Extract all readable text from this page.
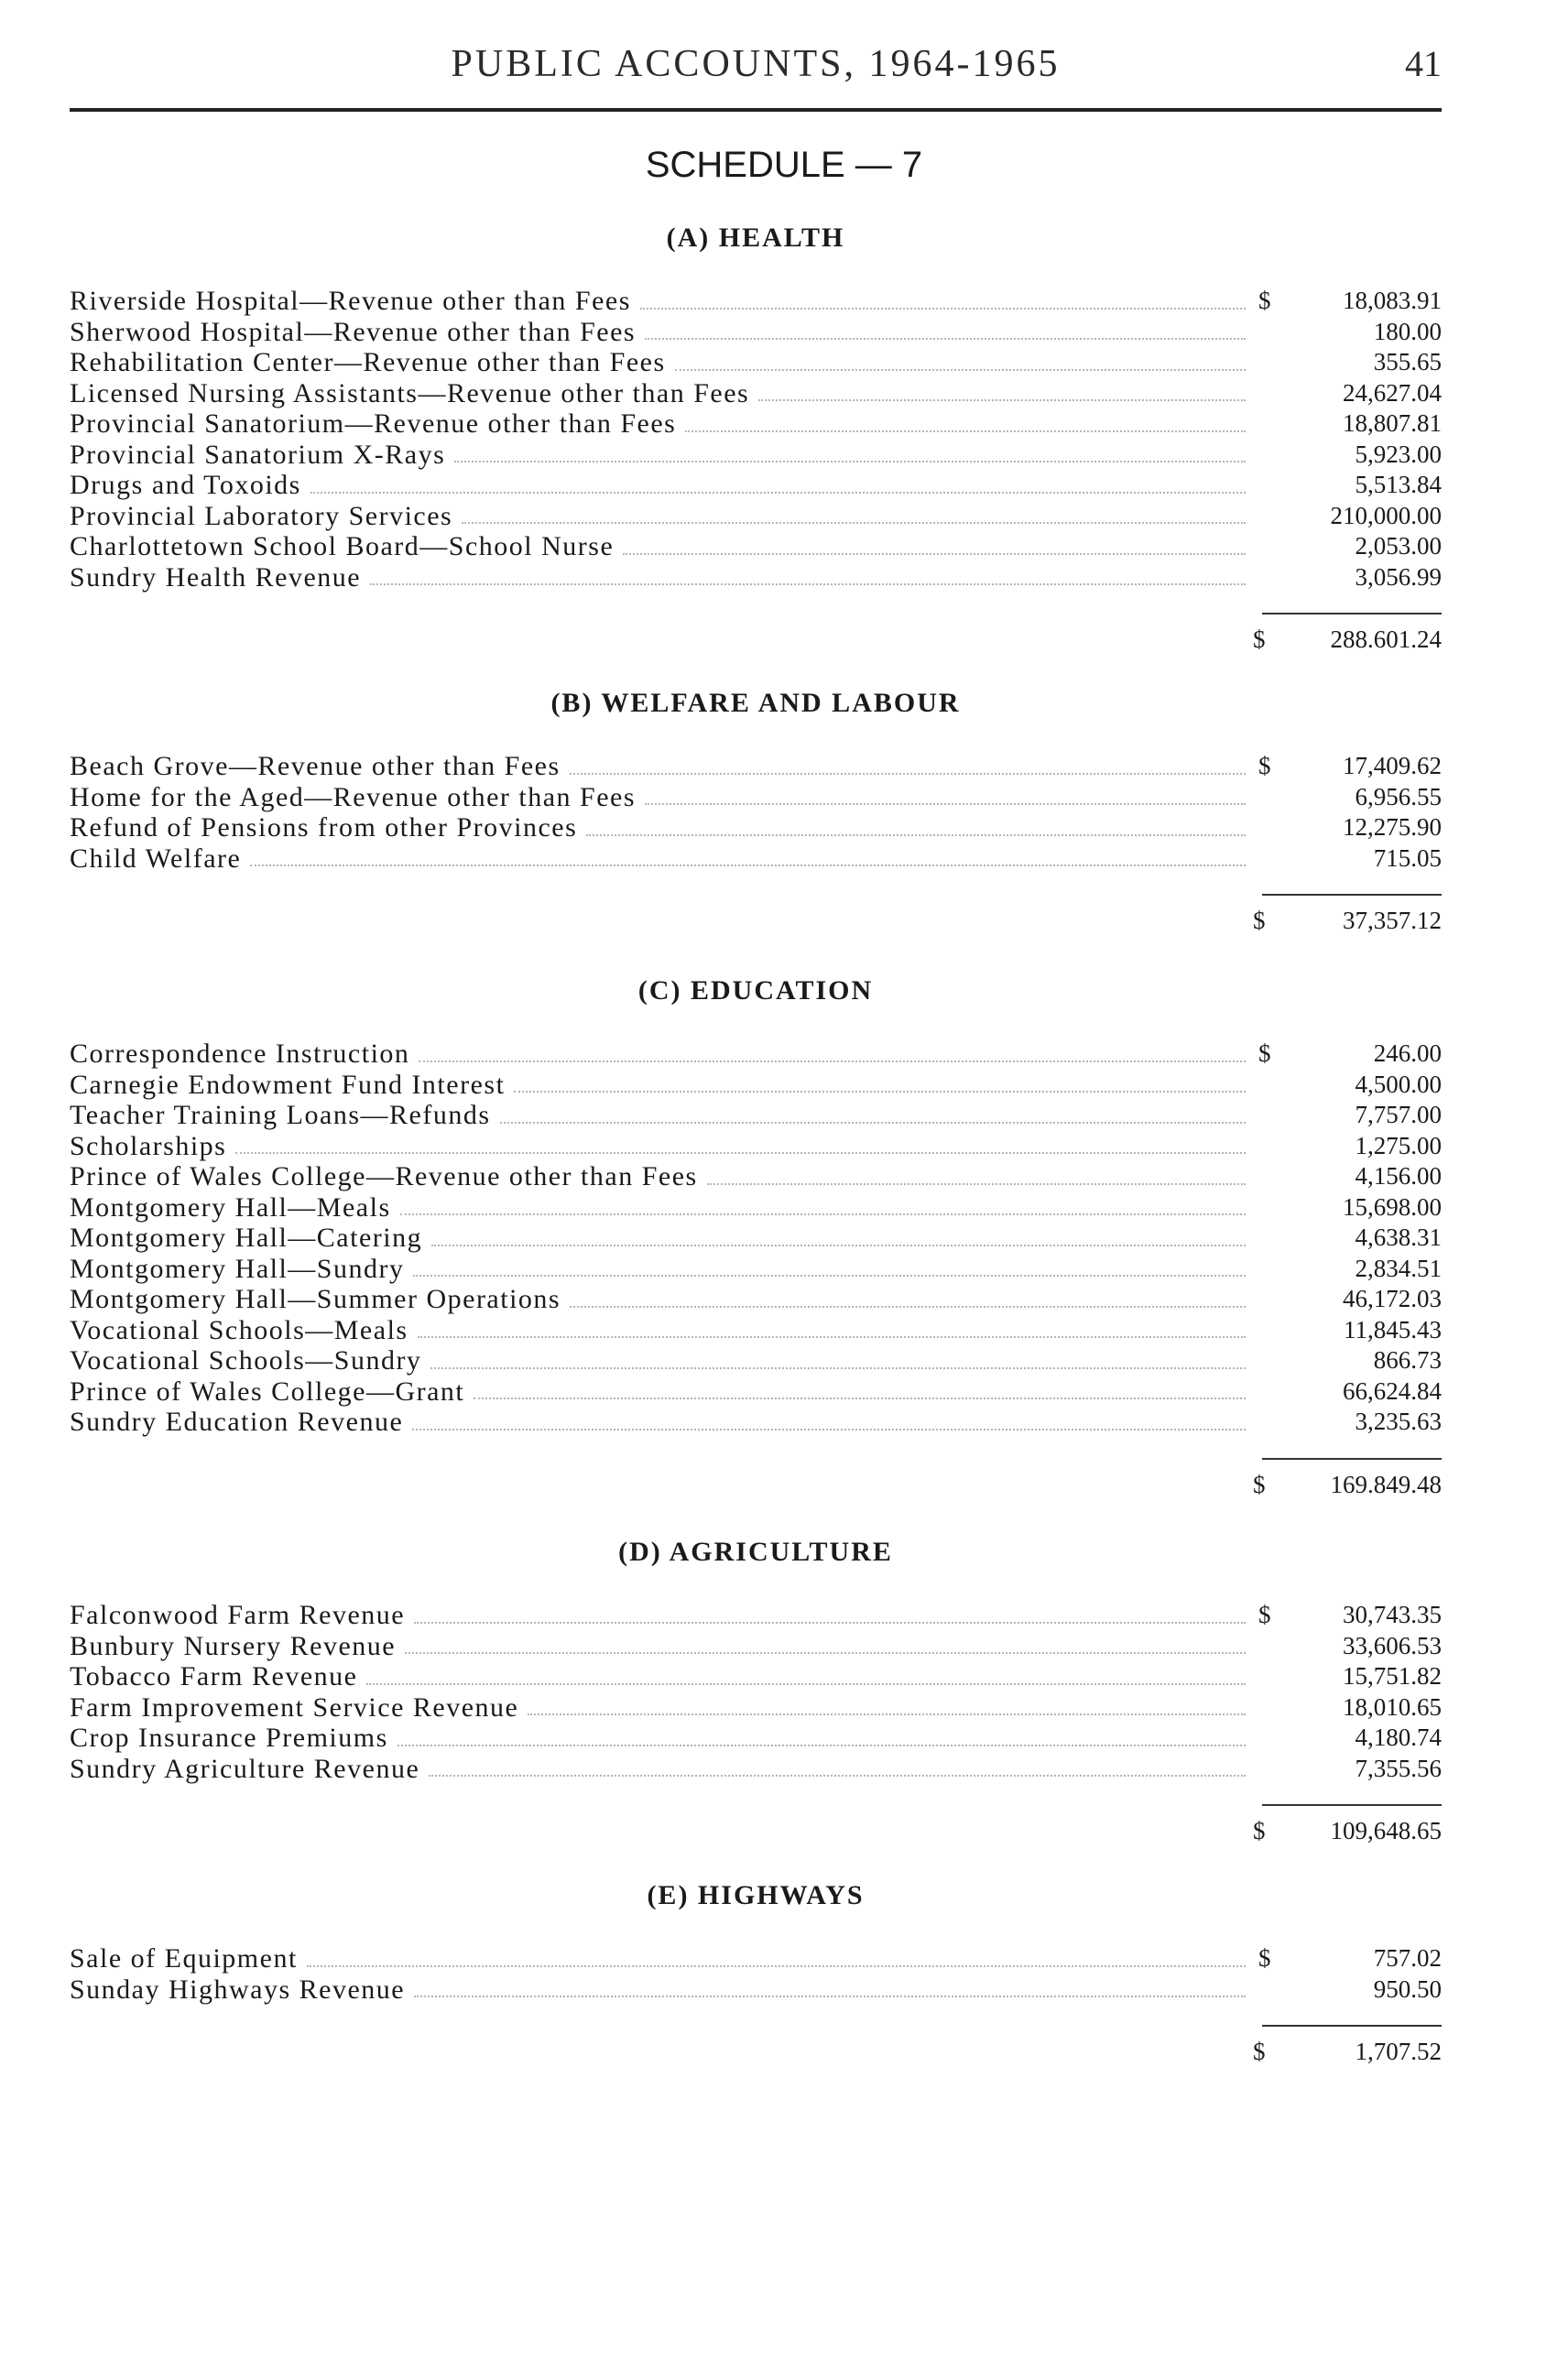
PUBLIC ACCOUNTS, 1964-1965	41
SCHEDULE — 7
(A) HEALTH
Riverside Hospital—Revenue other than Fees	$	18,083.91
Sherwood Hospital—Revenue other than Fees	180.00
Rehabilitation Center—Revenue other than Fees	355.65
Licensed Nursing Assistants—Revenue other than Fees	24,627.04
Provincial Sanatorium—Revenue other than Fees	18,807.81
Provincial Sanatorium X-Rays	5,923.00
Drugs and Toxoids	5,513.84
Provincial Laboratory Services	210,000.00
Charlottetown School Board—School Nurse	2,053.00
Sundry Health Revenue	3,056.99
$	288.601.24
(B) WELFARE AND LABOUR
Beach Grove—Revenue other than Fees	$	17,409.62
Home for the Aged—Revenue other than Fees	6,956.55
Refund of Pensions from other Provinces	12,275.90
Child Welfare	715.05
$	37,357.12
(C) EDUCATION
Correspondence Instruction	$	246.00
Carnegie Endowment Fund Interest	4,500.00
Teacher Training Loans—Refunds	7,757.00
Scholarships	1,275.00
Prince of Wales College—Revenue other than Fees	4,156.00
Montgomery Hall—Meals	15,698.00
Montgomery Hall—Catering	4,638.31
Montgomery Hall—Sundry	2,834.51
Montgomery Hall—Summer Operations	46,172.03
Vocational Schools—Meals	11,845.43
Vocational Schools—Sundry	866.73
Prince of Wales College—Grant	66,624.84
Sundry Education Revenue	3,235.63
$	169.849.48
(D) AGRICULTURE
Falconwood Farm Revenue	$	30,743.35
Bunbury Nursery Revenue	33,606.53
Tobacco Farm Revenue	15,751.82
Farm Improvement Service Revenue	18,010.65
Crop Insurance Premiums	4,180.74
Sundry Agriculture Revenue	7,355.56
$	109,648.65
(E) HIGHWAYS
Sale of Equipment	$	757.02
Sunday Highways Revenue	950.50
$	1,707.52
